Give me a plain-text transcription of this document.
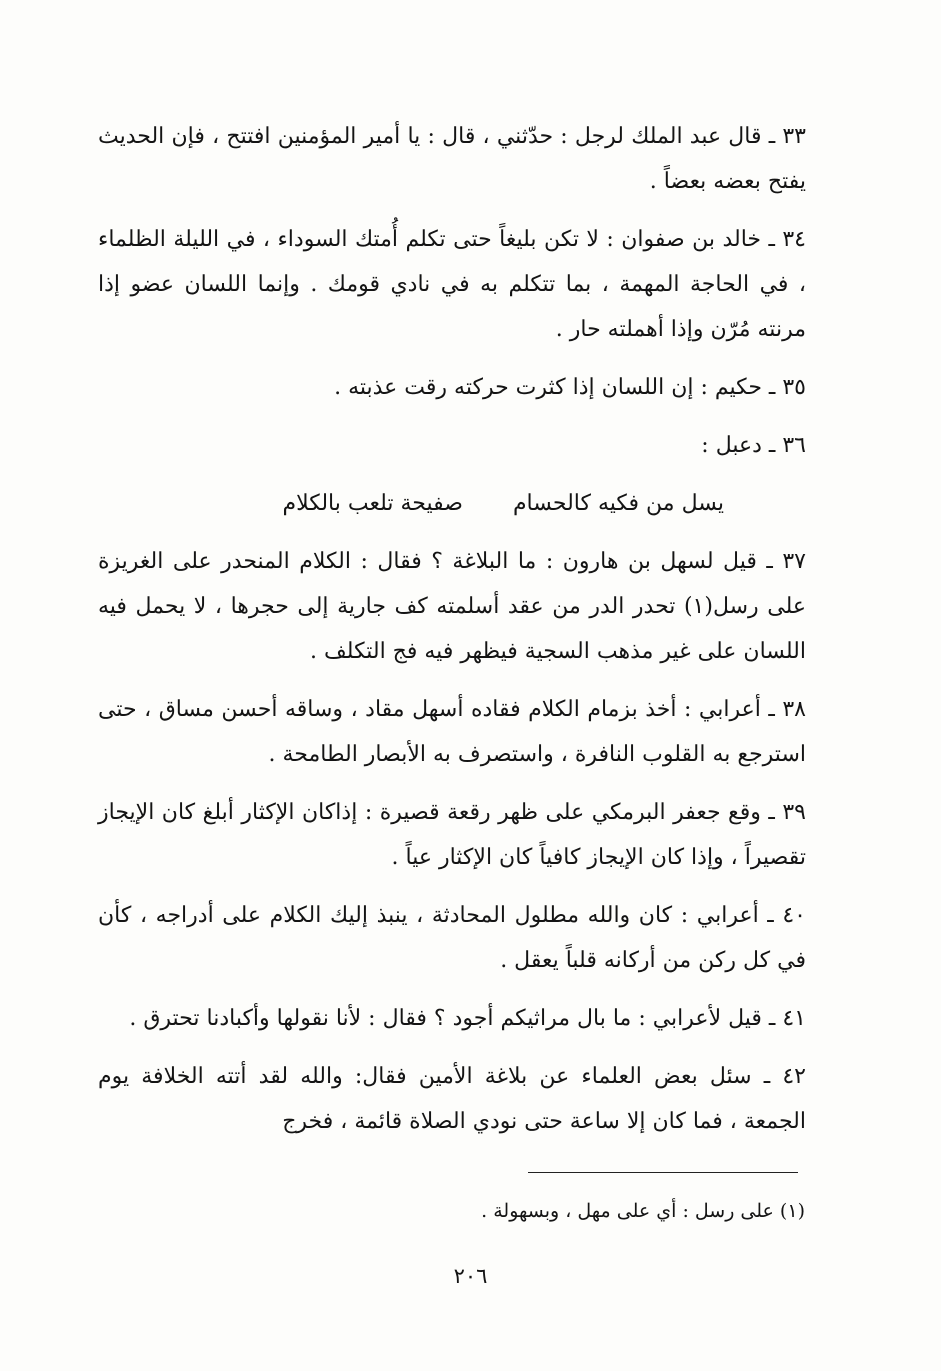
٣٣ ـ قال عبد الملك لرجل : حدّثني ، قال : يا أمير المؤمنين افتتح ، فإن الحديث يفتح بعضه بعضاً .

٣٤ ـ خالد بن صفوان : لا تكن بليغاً حتى تكلم أُمتك السوداء ، في الليلة الظلماء ، في الحاجة المهمة ، بما تتكلم به في نادي قومك . وإنما اللسان عضو إذا مرنته مُرّن وإذا أهملته حار .

٣٥ ـ حكيم : إن اللسان إذا كثرت حركته رقت عذبته .

٣٦ ـ دعبل :

يسل من فكيه كالحسام
صفيحة تلعب بالكلام

٣٧ ـ قيل لسهل بن هارون : ما البلاغة ؟ فقال : الكلام المنحدر على الغريزة على رسل(١) تحدر الدر من عقد أسلمته كف جارية إلى حجرها ، لا يحمل فيه اللسان على غير مذهب السجية فيظهر فيه فج التكلف .

٣٨ ـ أعرابي : أخذ بزمام الكلام فقاده أسهل مقاد ، وساقه أحسن مساق ، حتى استرجع به القلوب النافرة ، واستصرف به الأبصار الطامحة .

٣٩ ـ وقع جعفر البرمكي على ظهر رقعة قصيرة : إذاكان الإكثار أبلغ كان الإيجاز تقصيراً ، وإذا كان الإيجاز كافياً كان الإكثار عياً .

٤٠ ـ أعرابي : كان والله مطلول المحادثة ، ينبذ إليك الكلام على أدراجه ، كأن في كل ركن من أركانه قلباً يعقل .

٤١ ـ قيل لأعرابي : ما بال مراثيكم أجود ؟ فقال : لأنا نقولها وأكبادنا تحترق .

٤٢ ـ سئل بعض العلماء عن بلاغة الأمين فقال: والله لقد أتته الخلافة يوم الجمعة ، فما كان إلا ساعة حتى نودي الصلاة قائمة ، فخرج

(١) على رسل : أي على مهل ، وبسهولة .
٢٠٦
